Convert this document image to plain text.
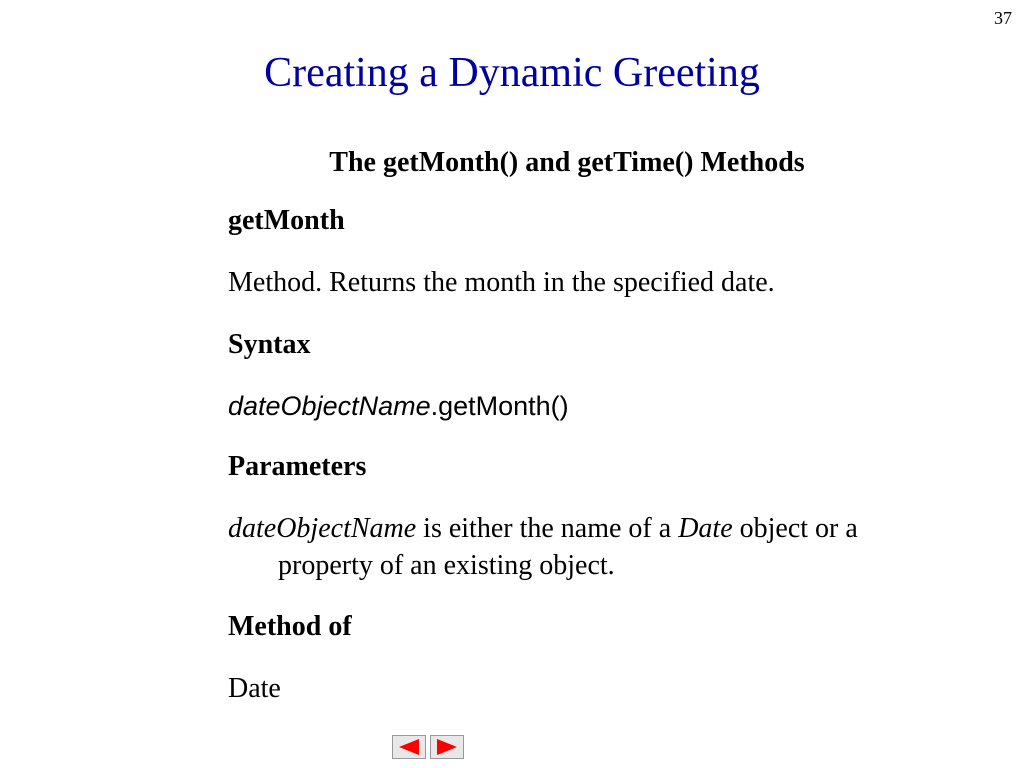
37
Creating a Dynamic Greeting
The getMonth() and getTime() Methods

getMonth

Method. Returns the month in the specified date.

Syntax

dateObjectName.getMonth()

Parameters

dateObjectName is either the name of a Date object or a property of an existing object.

Method of

Date
